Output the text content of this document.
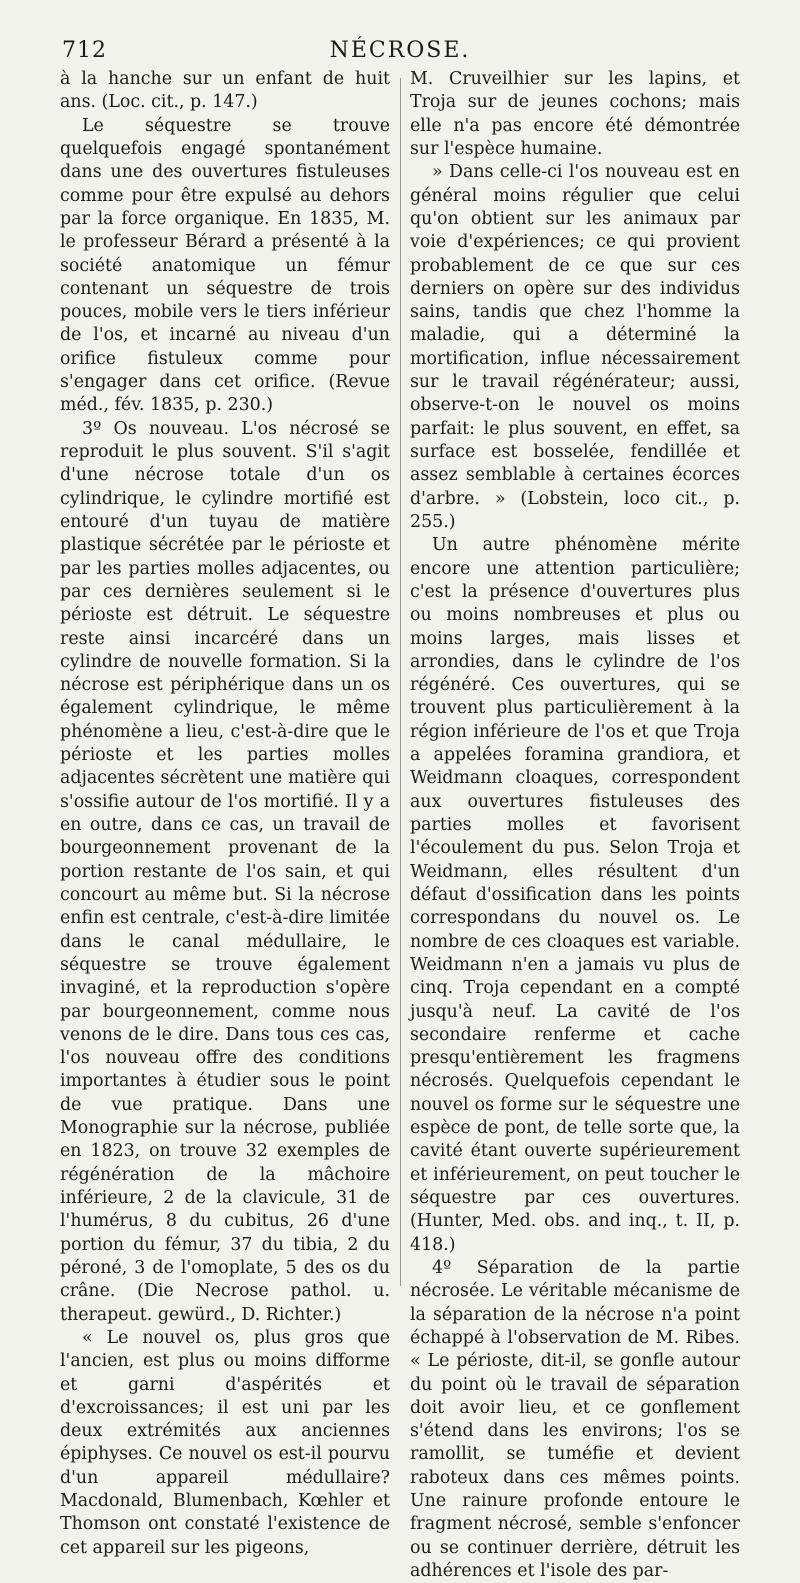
712	NÉCROSE.

à la hanche sur un enfant de huit ans. (Loc. cit., p. 147.)

Le séquestre se trouve quelquefois engagé spontanément dans une des ouvertures fistuleuses comme pour être expulsé au dehors par la force organique. En 1835, M. le professeur Bérard a présenté à la société anatomique un fémur contenant un séquestre de trois pouces, mobile vers le tiers inférieur de l'os, et incarné au niveau d'un orifice fistuleux comme pour s'engager dans cet orifice. (Revue méd., fév. 1835, p. 230.)

3º Os nouveau. L'os nécrosé se reproduit le plus souvent. S'il s'agit d'une nécrose totale d'un os cylindrique, le cylindre mortifié est entouré d'un tuyau de matière plastique sécrétée par le périoste et par les parties molles adjacentes, ou par ces dernières seulement si le périoste est détruit. Le séquestre reste ainsi incarcéré dans un cylindre de nouvelle formation. Si la nécrose est périphérique dans un os également cylindrique, le même phénomène a lieu, c'est-à-dire que le périoste et les parties molles adjacentes sécrètent une matière qui s'ossifie autour de l'os mortifié. Il y a en outre, dans ce cas, un travail de bourgeonnement provenant de la portion restante de l'os sain, et qui concourt au même but. Si la nécrose enfin est centrale, c'est-à-dire limitée dans le canal médullaire, le séquestre se trouve également invaginé, et la reproduction s'opère par bourgeonnement, comme nous venons de le dire. Dans tous ces cas, l'os nouveau offre des conditions importantes à étudier sous le point de vue pratique. Dans une Monographie sur la nécrose, publiée en 1823, on trouve 32 exemples de régénération de la mâchoire inférieure, 2 de la clavicule, 31 de l'humérus, 8 du cubitus, 26 d'une portion du fémur, 37 du tibia, 2 du péroné, 3 de l'omoplate, 5 des os du crâne. (Die Necrose pathol. u. therapeut. gewürd., D. Richter.)

« Le nouvel os, plus gros que l'ancien, est plus ou moins difforme et garni d'aspérités et d'excroissances; il est uni par les deux extrémités aux anciennes épiphyses. Ce nouvel os est-il pourvu d'un appareil médullaire? Macdonald, Blumenbach, Kœhler et Thomson ont constaté l'existence de cet appareil sur les pigeons,

M. Cruveilhier sur les lapins, et Troja sur de jeunes cochons; mais elle n'a pas encore été démontrée sur l'espèce humaine.

» Dans celle-ci l'os nouveau est en général moins régulier que celui qu'on obtient sur les animaux par voie d'expériences; ce qui provient probablement de ce que sur ces derniers on opère sur des individus sains, tandis que chez l'homme la maladie, qui a déterminé la mortification, influe nécessairement sur le travail régénérateur; aussi, observe-t-on le nouvel os moins parfait: le plus souvent, en effet, sa surface est bosselée, fendillée et assez semblable à certaines écorces d'arbre. » (Lobstein, loco cit., p. 255.)

Un autre phénomène mérite encore une attention particulière; c'est la présence d'ouvertures plus ou moins nombreuses et plus ou moins larges, mais lisses et arrondies, dans le cylindre de l'os régénéré. Ces ouvertures, qui se trouvent plus particulièrement à la région inférieure de l'os et que Troja a appelées foramina grandiora, et Weidmann cloaques, correspondent aux ouvertures fistuleuses des parties molles et favorisent l'écoulement du pus. Selon Troja et Weidmann, elles résultent d'un défaut d'ossification dans les points correspondans du nouvel os. Le nombre de ces cloaques est variable. Weidmann n'en a jamais vu plus de cinq. Troja cependant en a compté jusqu'à neuf. La cavité de l'os secondaire renferme et cache presqu'entièrement les fragmens nécrosés. Quelquefois cependant le nouvel os forme sur le séquestre une espèce de pont, de telle sorte que, la cavité étant ouverte supérieurement et inférieurement, on peut toucher le séquestre par ces ouvertures. (Hunter, Med. obs. and inq., t. II, p. 418.)

4º Séparation de la partie nécrosée. Le véritable mécanisme de la séparation de la nécrose n'a point échappé à l'observation de M. Ribes. « Le périoste, dit-il, se gonfle autour du point où le travail de séparation doit avoir lieu, et ce gonflement s'étend dans les environs; l'os se ramollit, se tuméfie et devient raboteux dans ces mêmes points. Une rainure profonde entoure le fragment nécrosé, semble s'enfoncer ou se continuer derrière, détruit les adhérences et l'isole des par-
